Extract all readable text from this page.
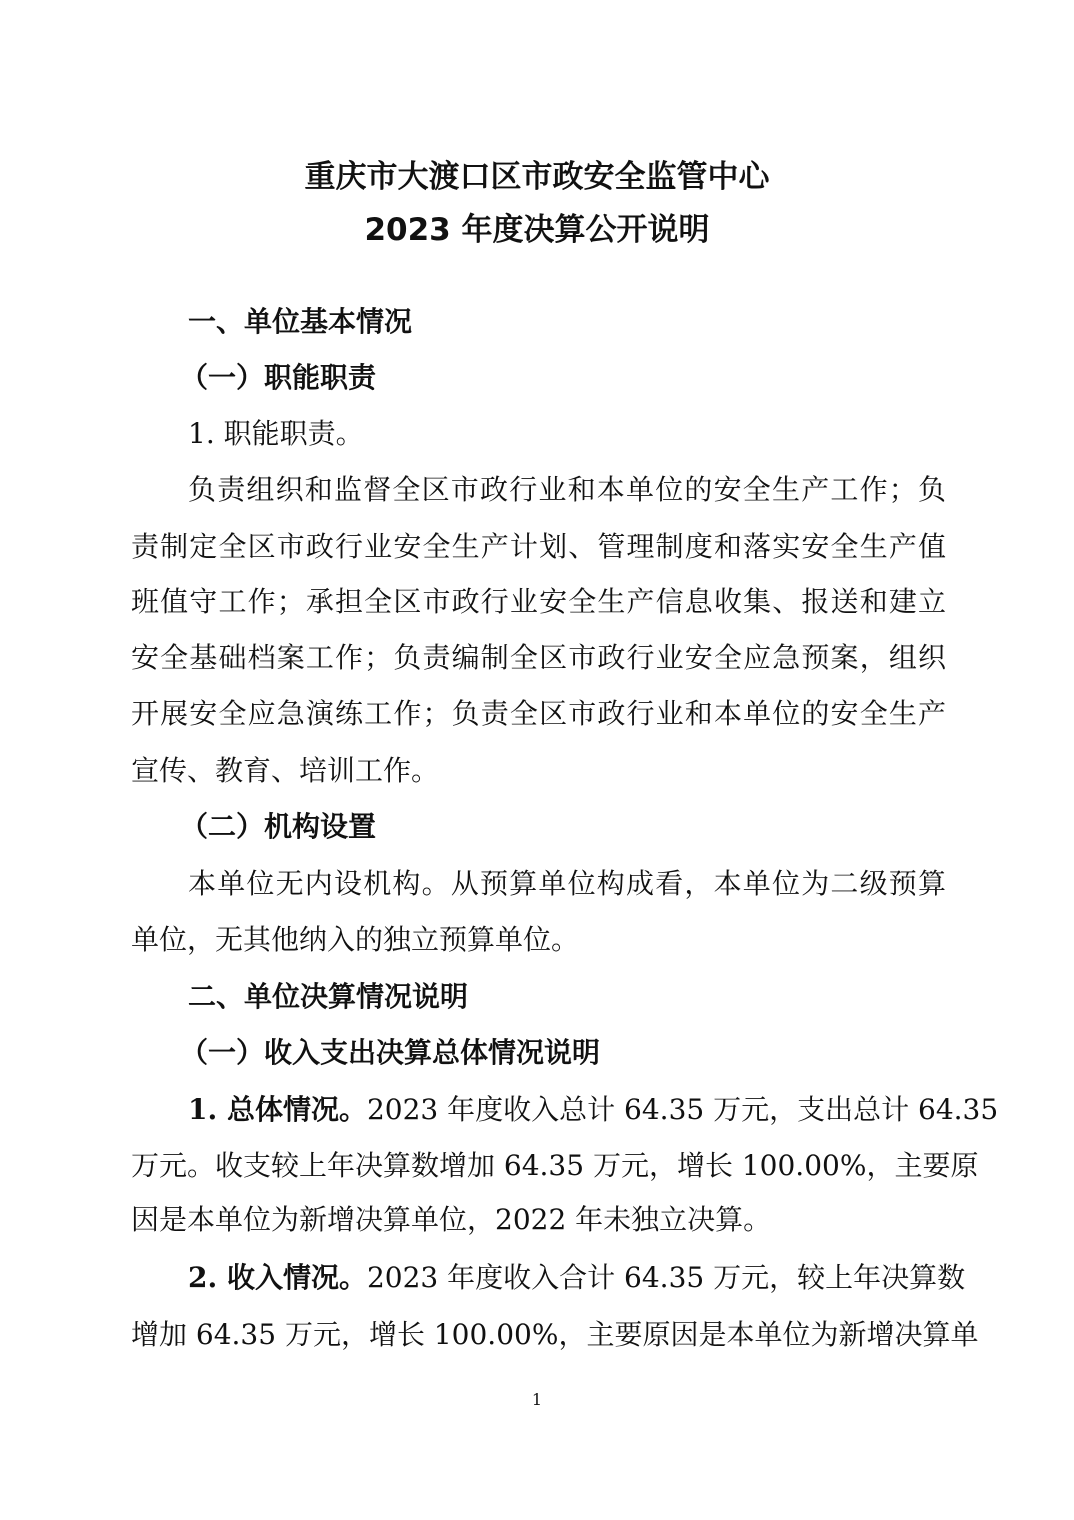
重庆市大渡口区市政安全监管中心
2023 年度决算公开说明
一、单位基本情况
（一）职能职责
1. 职能职责。
负责组织和监督全区市政行业和本单位的安全生产工作；负
责制定全区市政行业安全生产计划、管理制度和落实安全生产值
班值守工作；承担全区市政行业安全生产信息收集、报送和建立
安全基础档案工作；负责编制全区市政行业安全应急预案，组织
开展安全应急演练工作；负责全区市政行业和本单位的安全生产
宣传、教育、培训工作。
（二）机构设置
本单位无内设机构。从预算单位构成看，本单位为二级预算
单位，无其他纳入的独立预算单位。
二、单位决算情况说明
（一）收入支出决算总体情况说明
1. 总体情况。 2023 年度收入总计 64.35 万元，支出总计 64.35
万元。收支较上年决算数增加 64.35 万元，增长 100.00%，主要原
因是本单位为新增决算单位，2022 年未独立决算。
2. 收入情况。 2023 年度收入合计 64.35 万元，较上年决算数
增加 64.35 万元，增长 100.00%，主要原因是本单位为新增决算单
1
